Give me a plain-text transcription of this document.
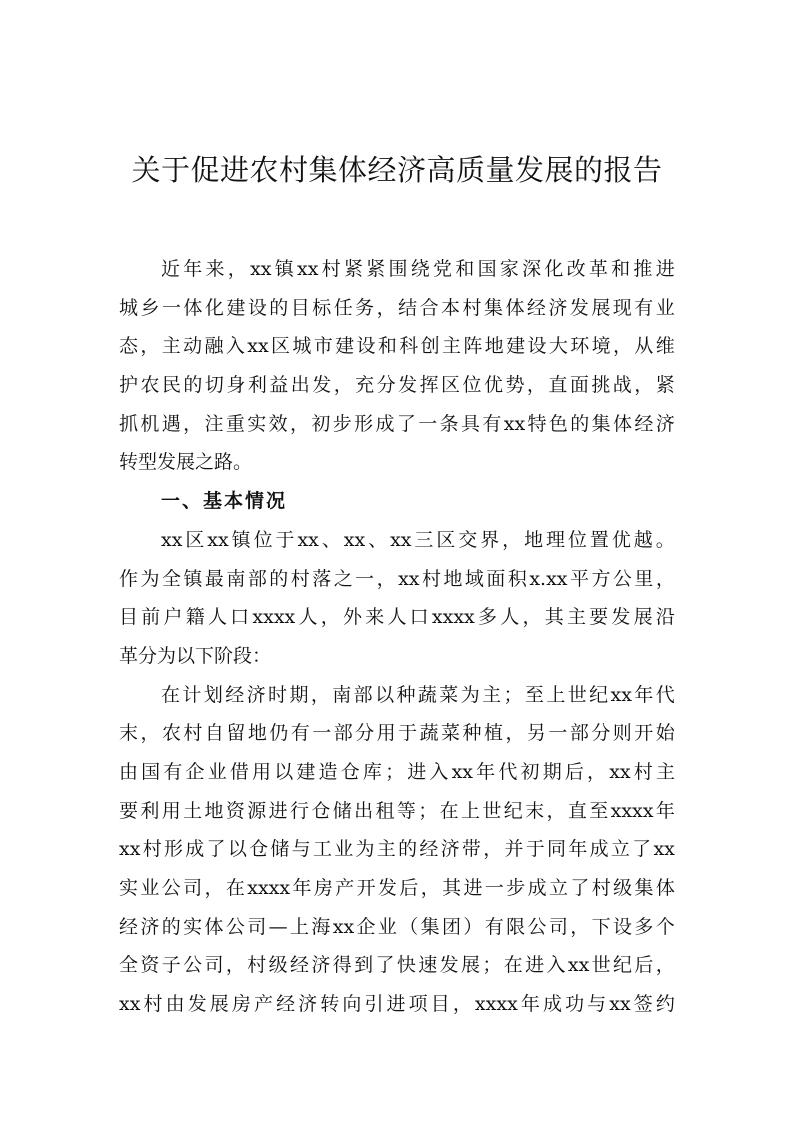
关于促进农村集体经济高质量发展的报告
近 年 来 ， xx 镇 xx 村 紧 紧 围 绕 党 和 国 家 深 化 改 革 和 推 进
城 乡 一 体 化 建 设 的 目 标 任 务 ， 结 合 本 村 集 体 经 济 发 展 现 有 业
态 ， 主 动 融 入 xx 区 城 市 建 设 和 科 创 主 阵 地 建 设 大 环 境 ， 从 维
护 农 民 的 切 身 利 益 出 发 ， 充 分 发 挥 区 位 优 势 ， 直 面 挑 战 ， 紧
抓 机 遇 ， 注 重 实 效 ， 初 步 形 成 了 一 条 具 有 xx 特 色 的 集 体 经 济
转型发展之路。
一、基本情况
xx 区 xx 镇 位 于 xx 、 xx 、 xx 三 区 交 界 ， 地 理 位 置 优 越 。
作 为 全 镇 最 南 部 的 村 落 之 一 ， xx 村 地 域 面 积 x.xx 平 方 公 里 ，
目 前 户 籍 人 口 xxxx 人 ， 外 来 人 口 xxxx 多 人 ， 其 主 要 发 展 沿
革分为以下阶段：
在 计 划 经 济 时 期 ， 南 部 以 种 蔬 菜 为 主 ； 至 上 世 纪 xx 年 代
末 ， 农 村 自 留 地 仍 有 一 部 分 用 于 蔬 菜 种 植 ， 另 一 部 分 则 开 始
由 国 有 企 业 借 用 以 建 造 仓 库 ； 进 入 xx 年 代 初 期 后 ， xx 村 主
要 利 用 土 地 资 源 进 行 仓 储 出 租 等 ； 在 上 世 纪 末 ， 直 至 xxxx 年
xx 村 形 成 了 以 仓 储 与 工 业 为 主 的 经 济 带 ， 并 于 同 年 成 立 了 xx
实 业 公 司 ， 在 xxxx 年 房 产 开 发 后 ， 其 进 一 步 成 立 了 村 级 集 体
经 济 的 实 体 公 司 — 上 海 xx 企 业 （ 集 团 ） 有 限 公 司 ， 下 设 多 个
全 资 子 公 司 ， 村 级 经 济 得 到 了 快 速 发 展 ； 在 进 入 xx 世 纪 后 ，
xx 村 由 发 展 房 产 经 济 转 向 引 进 项 目 ， xxxx 年 成 功 与 xx 签 约
